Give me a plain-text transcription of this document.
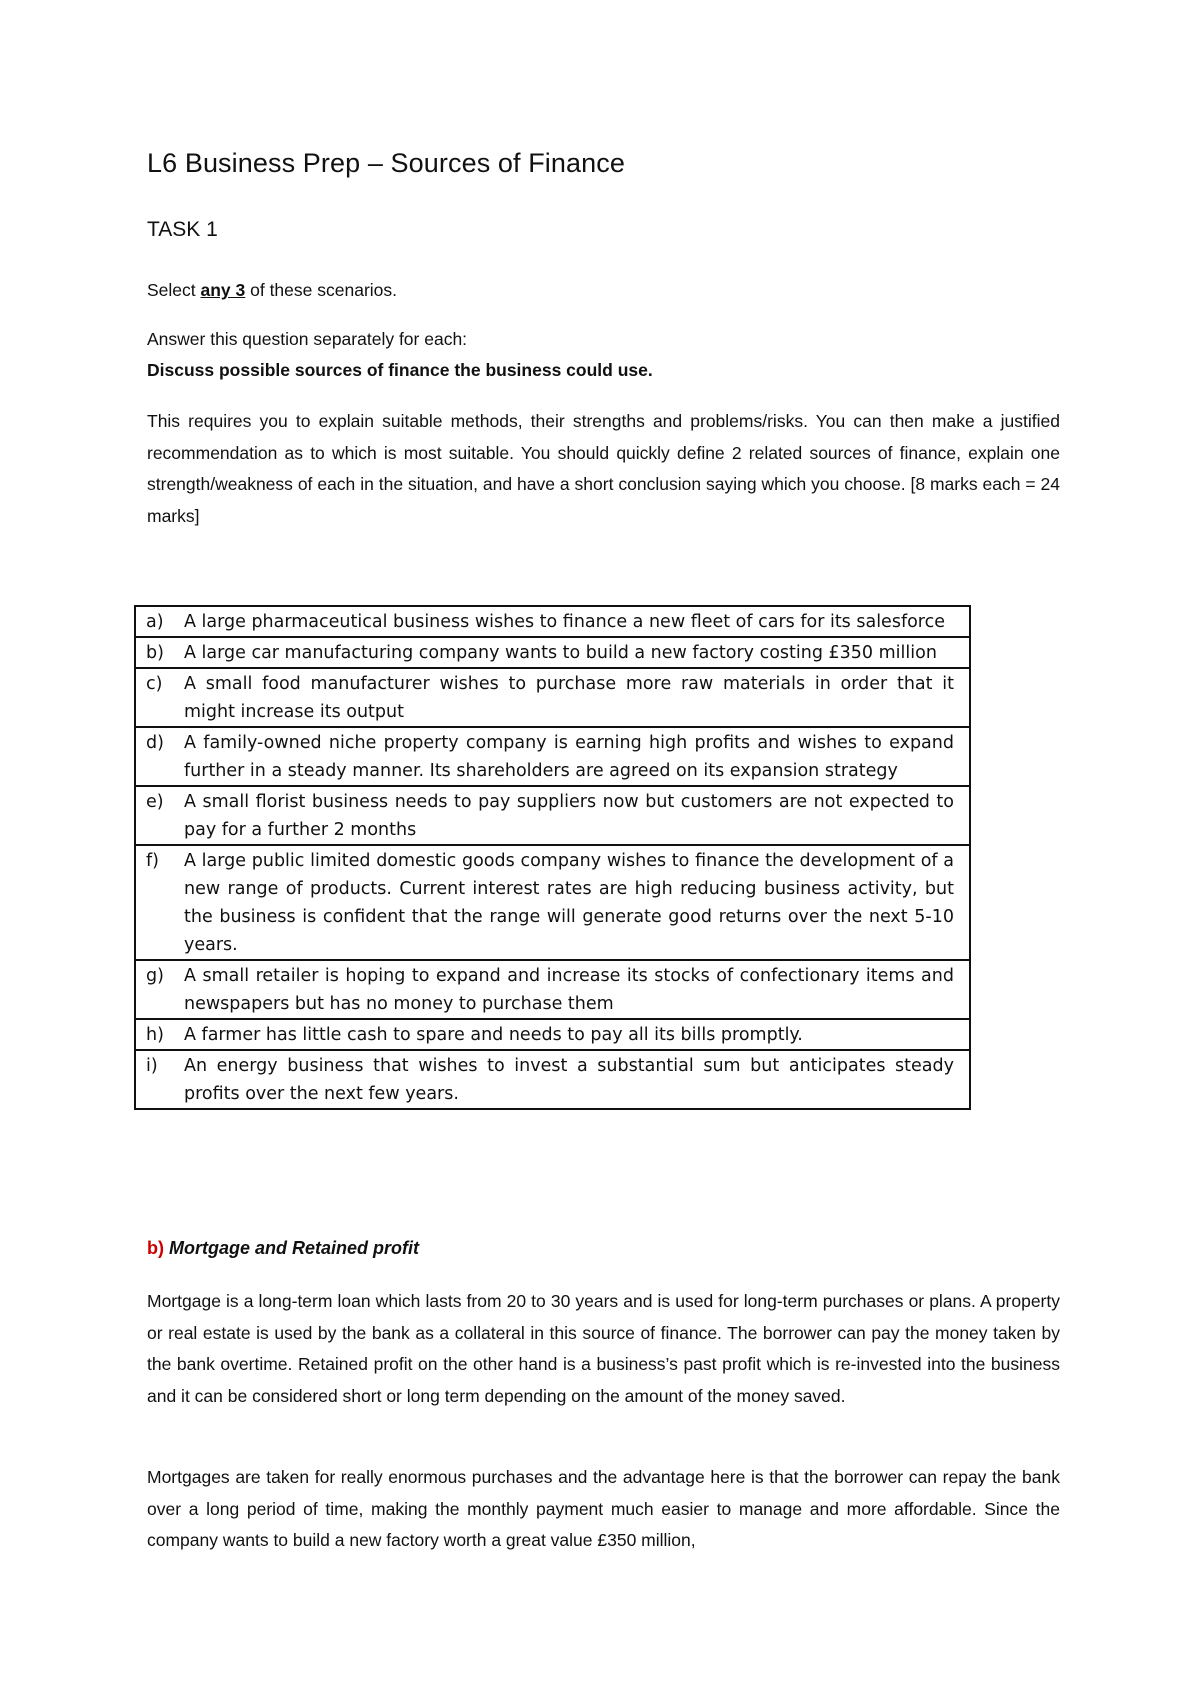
L6 Business Prep – Sources of Finance
TASK 1

Select any 3 of these scenarios.

Answer this question separately for each:

Discuss possible sources of finance the business could use.

This requires you to explain suitable methods, their strengths and problems/risks. You can then make a justified recommendation as to which is most suitable. You should quickly define 2 related sources of finance, explain one strength/weakness of each in the situation, and have a short conclusion saying which you choose. [8 marks each = 24 marks]

a) A large pharmaceutical business wishes to finance a new fleet of cars for its salesforce
b) A large car manufacturing company wants to build a new factory costing £350 million
c) A small food manufacturer wishes to purchase more raw materials in order that it might increase its output
d) A family-owned niche property company is earning high profits and wishes to expand further in a steady manner. Its shareholders are agreed on its expansion strategy
e) A small florist business needs to pay suppliers now but customers are not expected to pay for a further 2 months
f) A large public limited domestic goods company wishes to finance the development of a new range of products. Current interest rates are high reducing business activity, but the business is confident that the range will generate good returns over the next 5-10 years.
g) A small retailer is hoping to expand and increase its stocks of confectionary items and newspapers but has no money to purchase them
h) A farmer has little cash to spare and needs to pay all its bills promptly.
i) An energy business that wishes to invest a substantial sum but anticipates steady profits over the next few years.
b) Mortgage and Retained profit

Mortgage is a long-term loan which lasts from 20 to 30 years and is used for long-term purchases or plans. A property or real estate is used by the bank as a collateral in this source of finance. The borrower can pay the money taken by the bank overtime. Retained profit on the other hand is a business’s past profit which is re-invested into the business and it can be considered short or long term depending on the amount of the money saved.

Mortgages are taken for really enormous purchases and the advantage here is that the borrower can repay the bank over a long period of time, making the monthly payment much easier to manage and more affordable. Since the company wants to build a new factory worth a great value £350 million,
